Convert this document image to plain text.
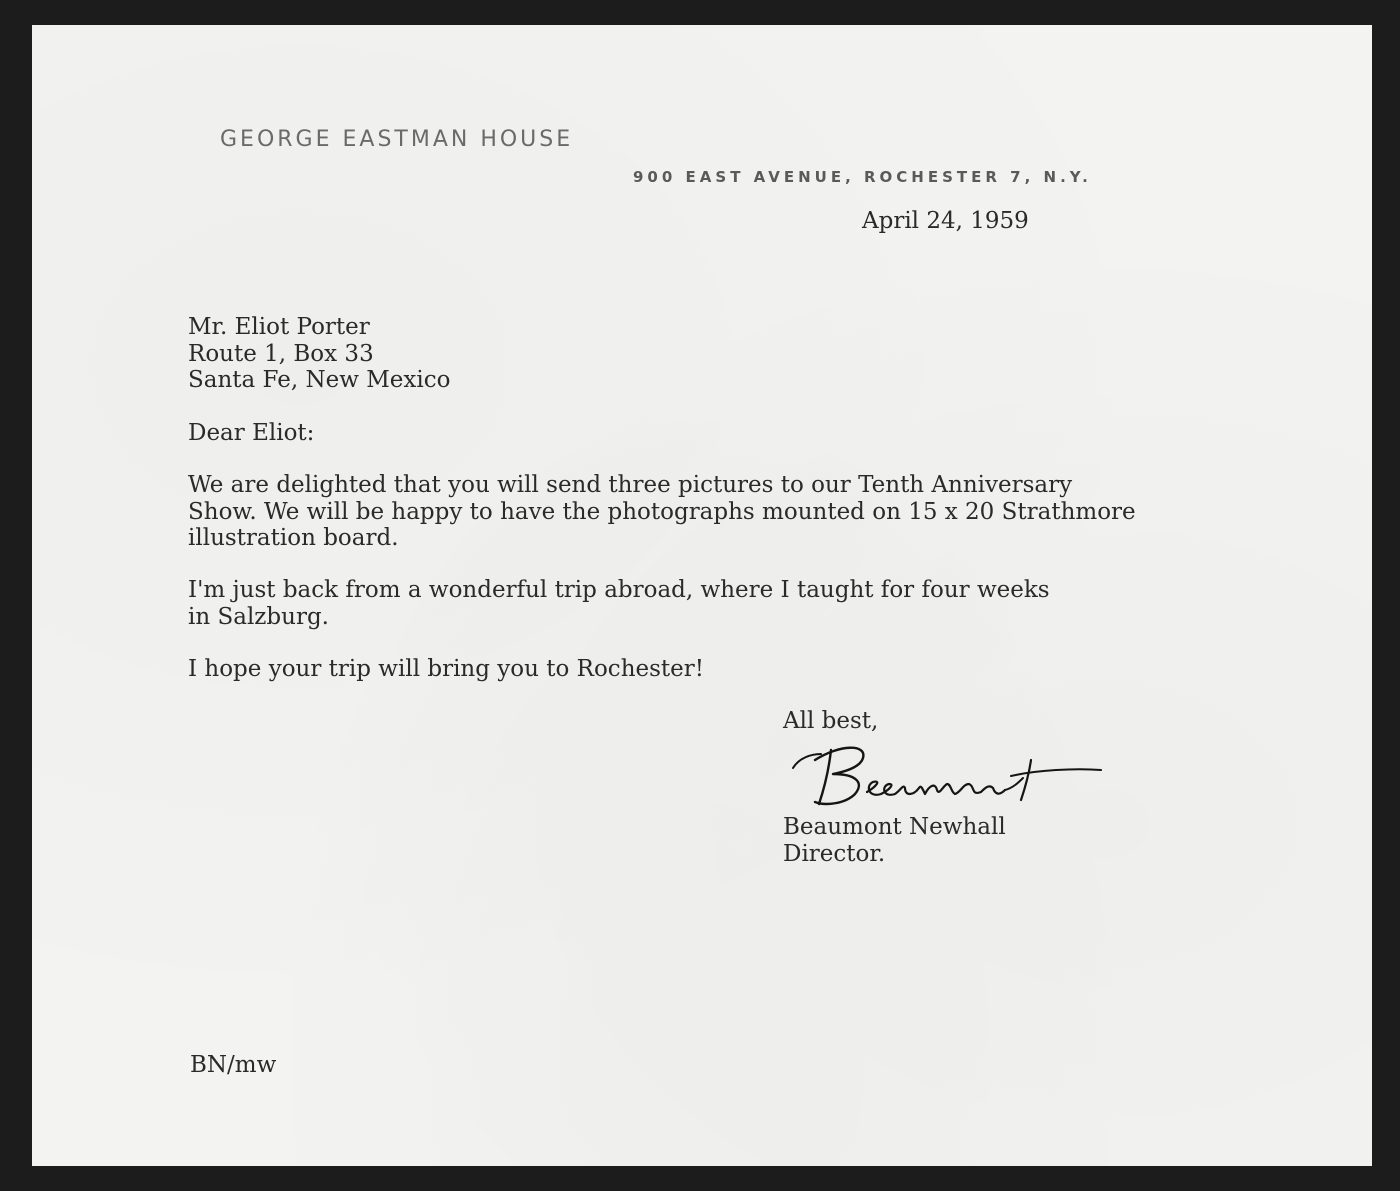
GEORGE EASTMAN HOUSE
900 EAST AVENUE, ROCHESTER 7, N.Y.
April 24, 1959
Mr. Eliot Porter
Route 1, Box 33
Santa Fe, New Mexico
Dear Eliot:
We are delighted that you will send three pictures to our Tenth Anniversary
Show. We will be happy to have the photographs mounted on 15 x 20 Strathmore
illustration board.
I'm just back from a wonderful trip abroad, where I taught for four weeks
in Salzburg.
I hope your trip will bring you to Rochester!
All best,
Beaumont Newhall
Director.
BN/mw
